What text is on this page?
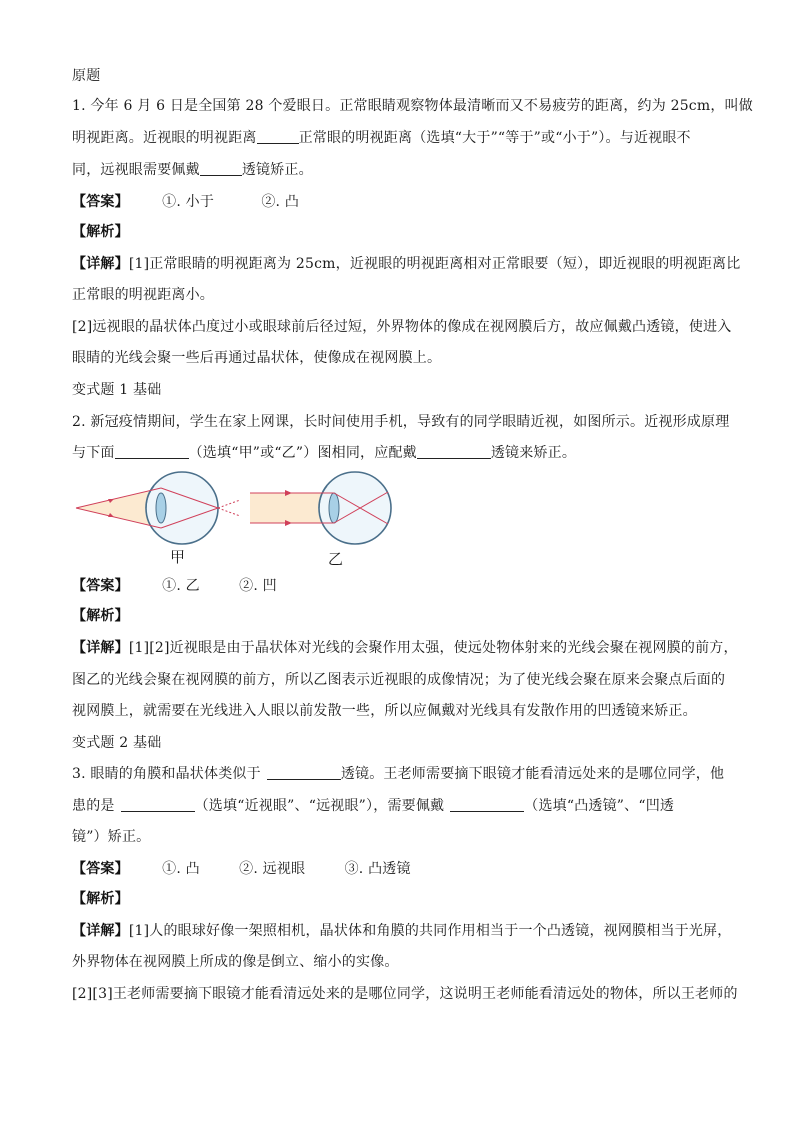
原题
1. 今年 6 月 6 日是全国第 28 个爱眼日。正常眼睛观察物体最清晰而又不易疲劳的距离，约为 25cm，叫做
明视距离。近视眼的明视距离	正常眼的明视距离（选填“大于”“等于”或“小于”）。与近视眼不
同，远视眼需要佩戴	透镜矫正。
【答案】 ①. 小于	②. 凸
【解析】
【详解】[1]正常眼睛的明视距离为 25cm，近视眼的明视距离相对正常眼要（短），即近视眼的明视距离比
正常眼的明视距离小。
[2]远视眼的晶状体凸度过小或眼球前后径过短，外界物体的像成在视网膜后方，故应佩戴凸透镜，使进入
眼睛的光线会聚一些后再通过晶状体，使像成在视网膜上。
变式题 1 基础
2. 新冠疫情期间，学生在家上网课，长时间使用手机，导致有的同学眼睛近视，如图所示。近视形成原理
与下面	（选填“甲”或“乙”）图相同，应配戴	透镜来矫正。
甲	乙
【答案】 ①. 乙	②. 凹
【解析】
【详解】[1][2]近视眼是由于晶状体对光线的会聚作用太强，使远处物体射来的光线会聚在视网膜的前方，
图乙的光线会聚在视网膜的前方，所以乙图表示近视眼的成像情况；为了使光线会聚在原来会聚点后面的
视网膜上，就需要在光线进入人眼以前发散一些，所以应佩戴对光线具有发散作用的凹透镜来矫正。
变式题 2 基础
3. 眼睛的角膜和晶状体类似于	透镜。王老师需要摘下眼镜才能看清远处来的是哪位同学，他
患的是	（选填“近视眼”、“远视眼”），需要佩戴	（选填“凸透镜”、“凹透
镜”）矫正。
【答案】 ①. 凸	②. 远视眼	③. 凸透镜
【解析】
【详解】[1]人的眼球好像一架照相机，晶状体和角膜的共同作用相当于一个凸透镜，视网膜相当于光屏，
外界物体在视网膜上所成的像是倒立、缩小的实像。
[2][3]王老师需要摘下眼镜才能看清远处来的是哪位同学，这说明王老师能看清远处的物体，所以王老师的
